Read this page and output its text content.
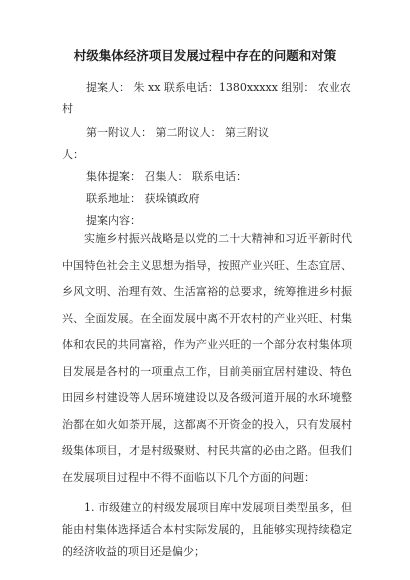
村级集体经济项目发展过程中存在的问题和对策
提案人： 朱 xx 联系电话：1380xxxxx 组别： 农业农
村
第一附议人： 第二附议人： 第三附议
人：
集体提案： 召集人： 联系电话：
联系地址： 获垛镇政府
提案内容：

实施乡村振兴战略是以党的二十大精神和习近平新时代中国特色社会主义思想为指导，按照产业兴旺、生态宜居、乡风文明、治理有效、生活富裕的总要求，统筹推进乡村振兴、全面发展。在全面发展中离不开农村的产业兴旺、村集体和农民的共同富裕，作为产业兴旺的一个部分农村集体项目发展是各村的一项重点工作，目前美丽宜居村建设、特色田园乡村建设等人居环境建设以及各级河道开展的水环境整治都在如火如荼开展，这都离不开资金的投入，只有发展村级集体项目，才是村级聚财、村民共富的必由之路。但我们在发展项目过程中不得不面临以下几个方面的问题：

1. 市级建立的村级发展项目库中发展项目类型虽多，但能由村集体选择适合本村实际发展的，且能够实现持续稳定的经济收益的项目还是偏少；
